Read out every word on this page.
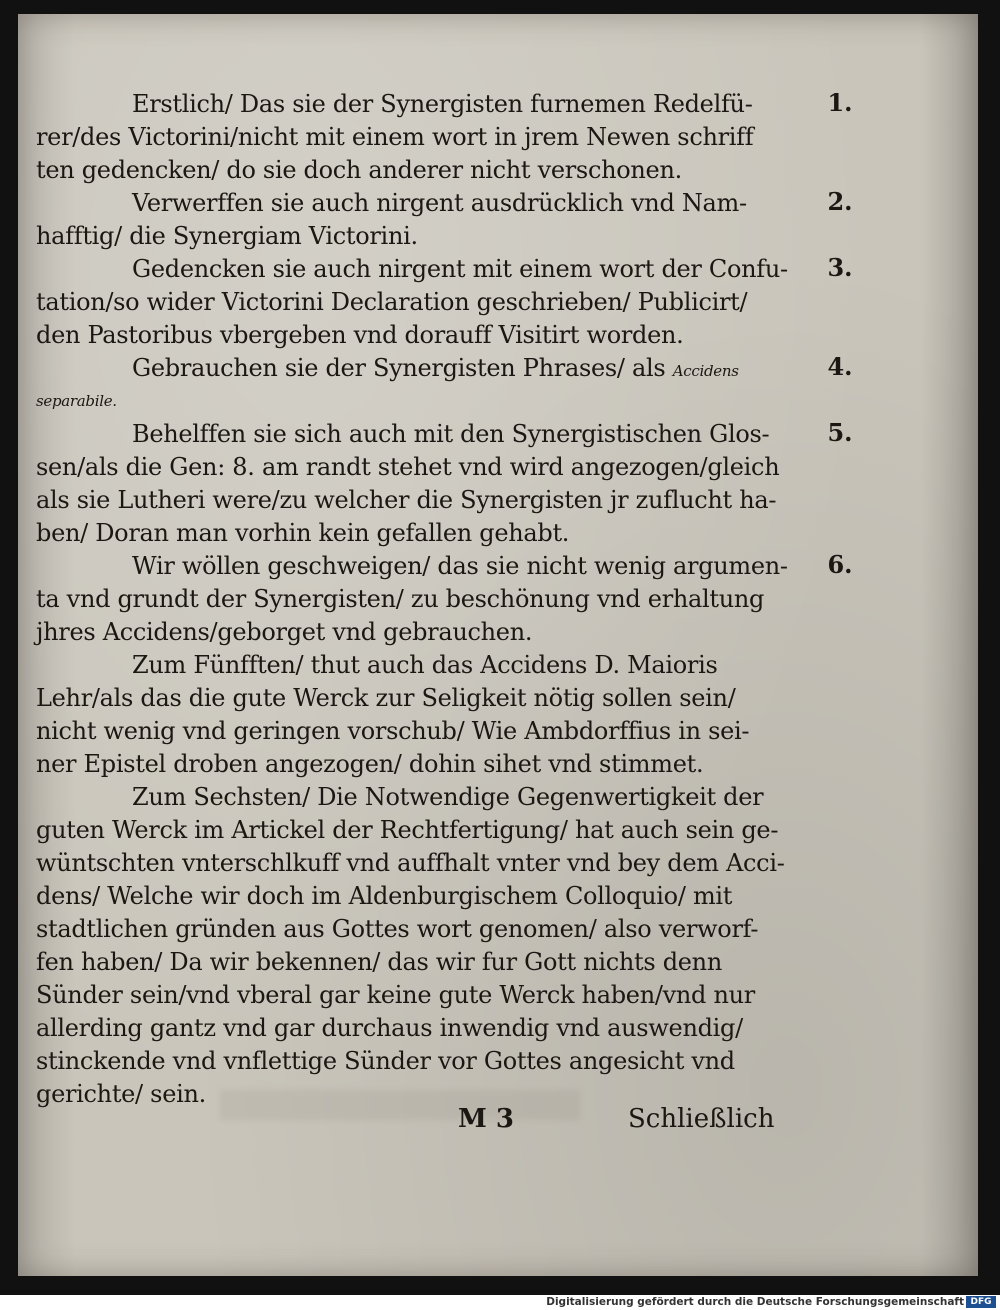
Erstlich/ Das sie der Synergisten furnemen Redelfü-
rer/des Victorini/nicht mit einem wort in jrem Newen schriff
ten gedencken/ do sie doch anderer nicht verschonen.
Verwerffen sie auch nirgent ausdrücklich vnd Nam-
hafftig/ die Synergiam Victorini.
Gedencken sie auch nirgent mit einem wort der Confu-
tation/so wider Victorini Declaration geschrieben/ Publicirt/
den Pastoribus vbergeben vnd dorauff Visitirt worden.
Gebrauchen sie der Synergisten Phrases/ als Accidens
separabile.
Behelffen sie sich auch mit den Synergistischen Glos-
sen/als die Gen: 8. am randt stehet vnd wird angezogen/gleich
als sie Lutheri were/zu welcher die Synergisten jr zuflucht ha-
ben/ Doran man vorhin kein gefallen gehabt.
Wir wöllen geschweigen/ das sie nicht wenig argumen-
ta vnd grundt der Synergisten/ zu beschönung vnd erhaltung
jhres Accidens/geborget vnd gebrauchen.
Zum Fünfften/ thut auch das Accidens D. Maioris
Lehr/als das die gute Werck zur Seligkeit nötig sollen sein/
nicht wenig vnd geringen vorschub/ Wie Ambdorffius in sei-
ner Epistel droben angezogen/ dohin sihet vnd stimmet.
Zum Sechsten/ Die Notwendige Gegenwertigkeit der
guten Werck im Artickel der Rechtfertigung/ hat auch sein ge-
wüntschten vnterschlkuff vnd auffhalt vnter vnd bey dem Acci-
dens/ Welche wir doch im Aldenburgischem Colloquio/ mit
stadtlichen gründen aus Gottes wort genomen/ also verworf-
fen haben/ Da wir bekennen/ das wir fur Gott nichts denn
Sünder sein/vnd vberal gar keine gute Werck haben/vnd nur
allerding gantz vnd gar durchaus inwendig vnd auswendig/
stinckende vnd vnflettige Sünder vor Gottes angesicht vnd
gerichte/ sein.
1.
2.
3.
4.
5.
6.
M 3	Schließlich
Digitalisierung gefördert durch die Deutsche Forschungsgemeinschaft DFG
